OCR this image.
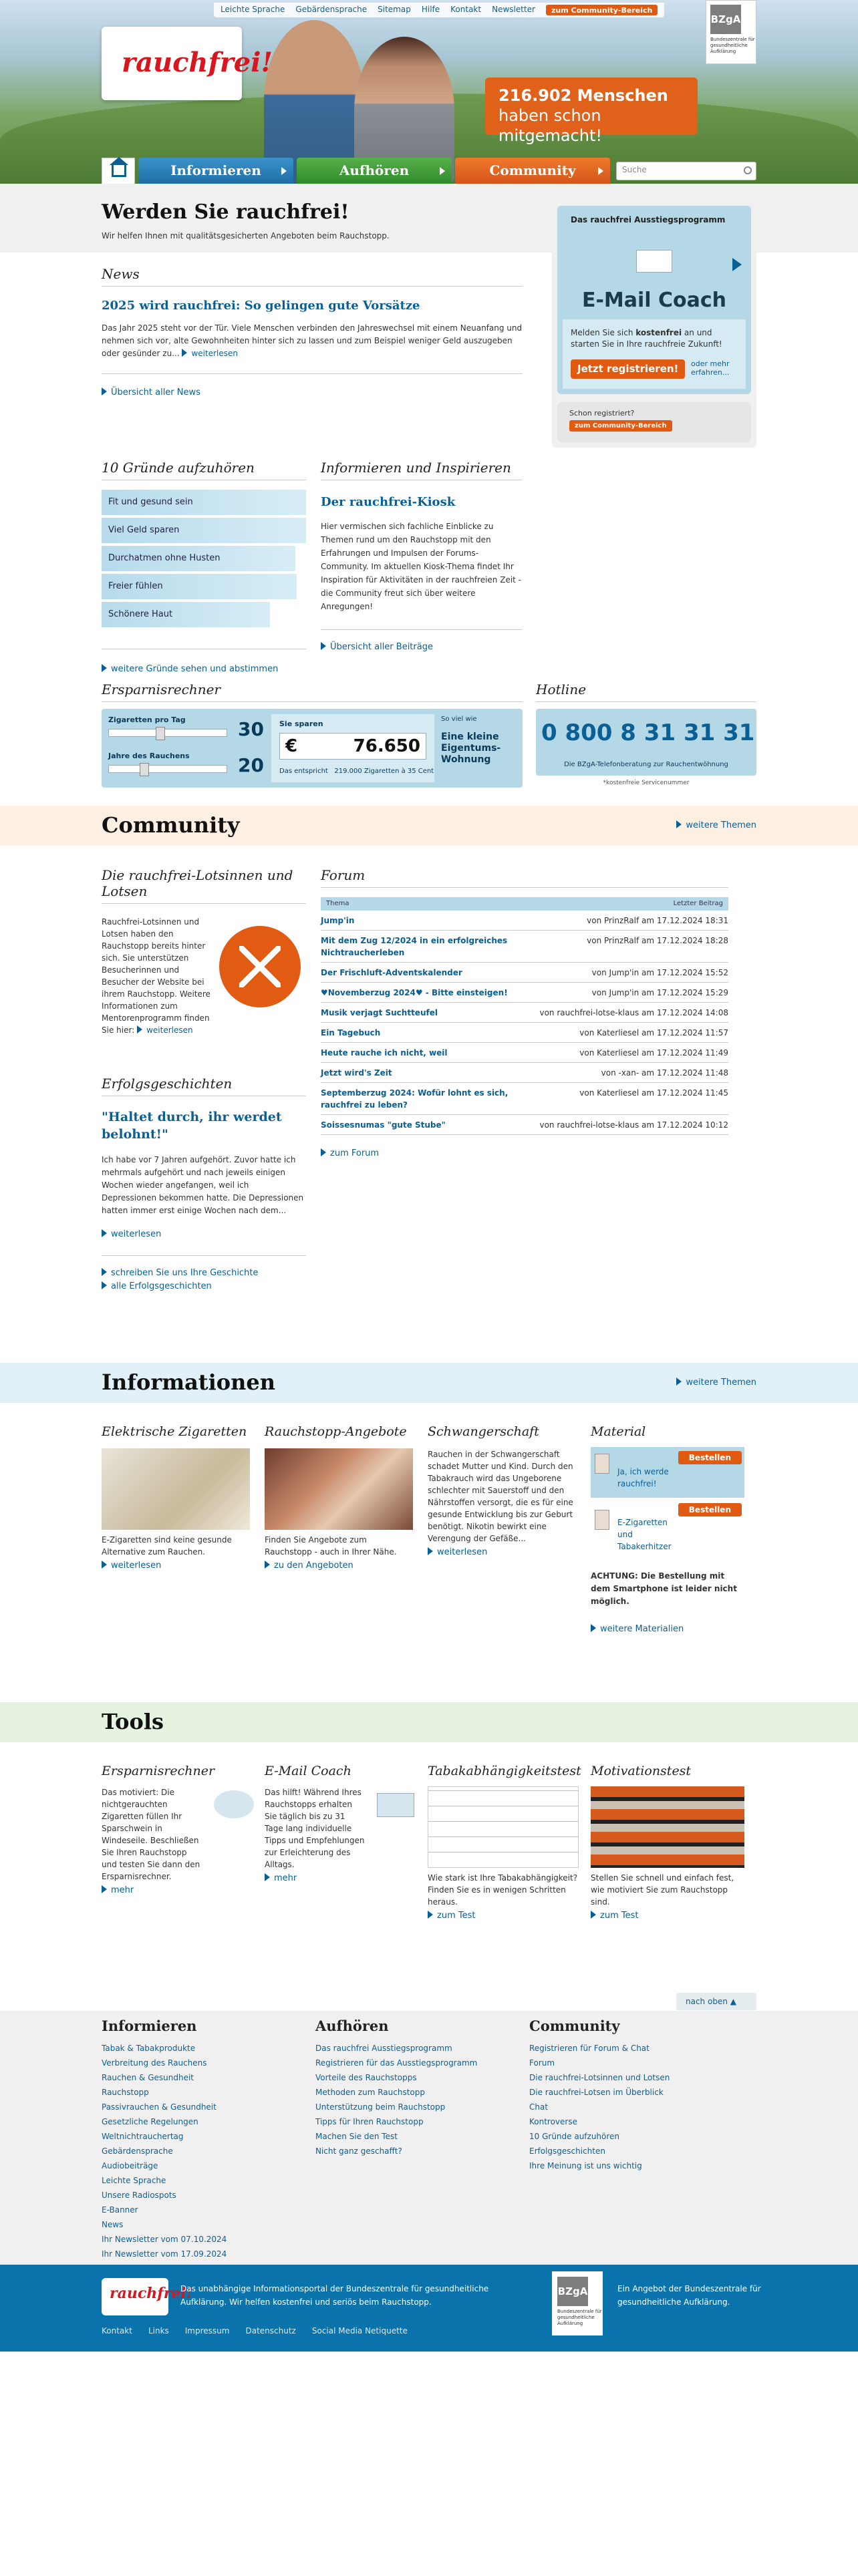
Leichte Sprache Gebärdensprache Sitemap Hilfe Kontakt Newsletter	zum Community-Bereich
BZgA
Bundeszentrale für gesundheitliche Aufklärung
rauchfrei!
216.902 Menschen haben schon mitgemacht!
Informieren	Aufhören	Community	Suche
Werden Sie rauchfrei!
Wir helfen Ihnen mit qualitätsgesicherten Angeboten beim Rauchstopp.
Das rauchfrei Ausstiegsprogramm
E-Mail Coach
Melden Sie sich kostenfrei an und starten Sie in Ihre rauchfreie Zukunft!
Jetzt registrieren!	oder mehr erfahren...
Schon registriert?
zum Community-Bereich
News
2025 wird rauchfrei: So gelingen gute Vorsätze
Das Jahr 2025 steht vor der Tür. Viele Menschen verbinden den Jahreswechsel mit einem Neuanfang und nehmen sich vor, alte Gewohnheiten hinter sich zu lassen und zum Beispiel weniger Geld auszugeben oder gesünder zu... weiterlesen
Übersicht aller News
10 Gründe aufzuhören
Fit und gesund sein
Viel Geld sparen
Durchatmen ohne Husten
Freier fühlen
Schönere Haut
weitere Gründe sehen und abstimmen
Informieren und Inspirieren
Der rauchfrei-Kiosk
Hier vermischen sich fachliche Einblicke zu Themen rund um den Rauchstopp mit den Erfahrungen und Impulsen der Forums-Community. Im aktuellen Kiosk-Thema findet Ihr Inspiration für Aktivitäten in der rauchfreien Zeit - die Community freut sich über weitere Anregungen!
Übersicht aller Beiträge
Ersparnisrechner
Zigaretten pro Tag	30
Jahre des Rauchens	20
Sie sparen
€	76.650
Das entspricht 219.000 Zigaretten à 35 Cent
So viel wie
Eine kleine Eigentums-Wohnung
Hotline
0 800 8 31 31 31
Die BZgA-Telefonberatung zur Rauchentwöhnung
*kostenfreie Servicenummer
Community	weitere Themen
Die rauchfrei-Lotsinnen und Lotsen
Rauchfrei-Lotsinnen und Lotsen haben den Rauchstopp bereits hinter sich. Sie unterstützen Besucherinnen und Besucher der Website bei ihrem Rauchstopp. Weitere Informationen zum Mentorenprogramm finden Sie hier: weiterlesen
Erfolgsgeschichten
"Haltet durch, ihr werdet belohnt!"
Ich habe vor 7 Jahren aufgehört. Zuvor hatte ich mehrmals aufgehört und nach jeweils einigen Wochen wieder angefangen, weil ich Depressionen bekommen hatte. Die Depressionen hatten immer erst einige Wochen nach dem...
weiterlesen
schreiben Sie uns Ihre Geschichte
alle Erfolgsgeschichten
Forum
Thema	Letzter Beitrag
Jump'in	von PrinzRalf am 17.12.2024 18:31
Mit dem Zug 12/2024 in ein erfolgreiches Nichtraucherleben
von PrinzRalf am 17.12.2024 18:28
Der Frischluft-Adventskalender	von Jump'in am 17.12.2024 15:52
♥Novemberzug 2024♥ - Bitte einsteigen!	von Jump'in am 17.12.2024 15:29
Musik verjagt Suchtteufel	von rauchfrei-lotse-klaus am 17.12.2024 14:08
Ein Tagebuch	von Katerliesel am 17.12.2024 11:57
Heute rauche ich nicht, weil	von Katerliesel am 17.12.2024 11:49
Jetzt wird's Zeit	von -xan- am 17.12.2024 11:48
Septemberzug 2024: Wofür lohnt es sich, rauchfrei zu leben?
von Katerliesel am 17.12.2024 11:45
Soissesnumas "gute Stube"	von rauchfrei-lotse-klaus am 17.12.2024 10:12
zum Forum
Informationen	weitere Themen
Elektrische Zigaretten
E-Zigaretten sind keine gesunde Alternative zum Rauchen.
weiterlesen
Rauchstopp-Angebote
Finden Sie Angebote zum Rauchstopp - auch in Ihrer Nähe.
zu den Angeboten
Schwangerschaft
Rauchen in der Schwangerschaft schadet Mutter und Kind. Durch den Tabakrauch wird das Ungeborene schlechter mit Sauerstoff und den Nährstoffen versorgt, die es für eine gesunde Entwicklung bis zur Geburt benötigt. Nikotin bewirkt eine Verengung der Gefäße...
weiterlesen
Material
Ja, ich werde rauchfrei!
Bestellen
E-Zigaretten und Tabakerhitzer
Bestellen
ACHTUNG: Die Bestellung mit dem Smartphone ist leider nicht möglich.
weitere Materialien
Tools
Ersparnisrechner
Das motiviert: Die nichtgerauchten Zigaretten füllen Ihr Sparschwein in Windeseile. Beschließen Sie Ihren Rauchstopp und testen Sie dann den Ersparnisrechner.
mehr
E-Mail Coach
Das hilft! Während Ihres Rauchstopps erhalten Sie täglich bis zu 31 Tage lang individuelle Tipps und Empfehlungen zur Erleichterung des Alltags.
mehr
Tabakabhängigkeitstest
Wie stark ist Ihre Tabakabhängigkeit? Finden Sie es in wenigen Schritten heraus.
zum Test
Motivationstest
Stellen Sie schnell und einfach fest, wie motiviert Sie zum Rauchstopp sind.
zum Test
nach oben ▲
Informieren
Tabak & Tabakprodukte
Verbreitung des Rauchens
Rauchen & Gesundheit
Rauchstopp
Passivrauchen & Gesundheit
Gesetzliche Regelungen
Weltnichtrauchertag
Gebärdensprache
Audiobeiträge
Leichte Sprache
Unsere Radiospots
E-Banner
News
Ihr Newsletter vom 07.10.2024
Ihr Newsletter vom 17.09.2024
Aufhören
Das rauchfrei Ausstiegsprogramm
Registrieren für das Ausstiegsprogramm
Vorteile des Rauchstopps
Methoden zum Rauchstopp
Unterstützung beim Rauchstopp
Tipps für Ihren Rauchstopp
Machen Sie den Test
Nicht ganz geschafft?
Community
Registrieren für Forum & Chat
Forum
Die rauchfrei-Lotsinnen und Lotsen
Die rauchfrei-Lotsen im Überblick
Chat
Kontroverse
10 Gründe aufzuhören
Erfolgsgeschichten
Ihre Meinung ist uns wichtig
rauchfrei!
Das unabhängige Informationsportal der Bundeszentrale für gesundheitliche Aufklärung. Wir helfen kostenfrei und seriös beim Rauchstopp.
BZgA
Bundeszentrale für gesundheitliche Aufklärung
Ein Angebot der Bundeszentrale für gesundheitliche Aufklärung.
Kontakt Links Impressum Datenschutz Social Media Netiquette
